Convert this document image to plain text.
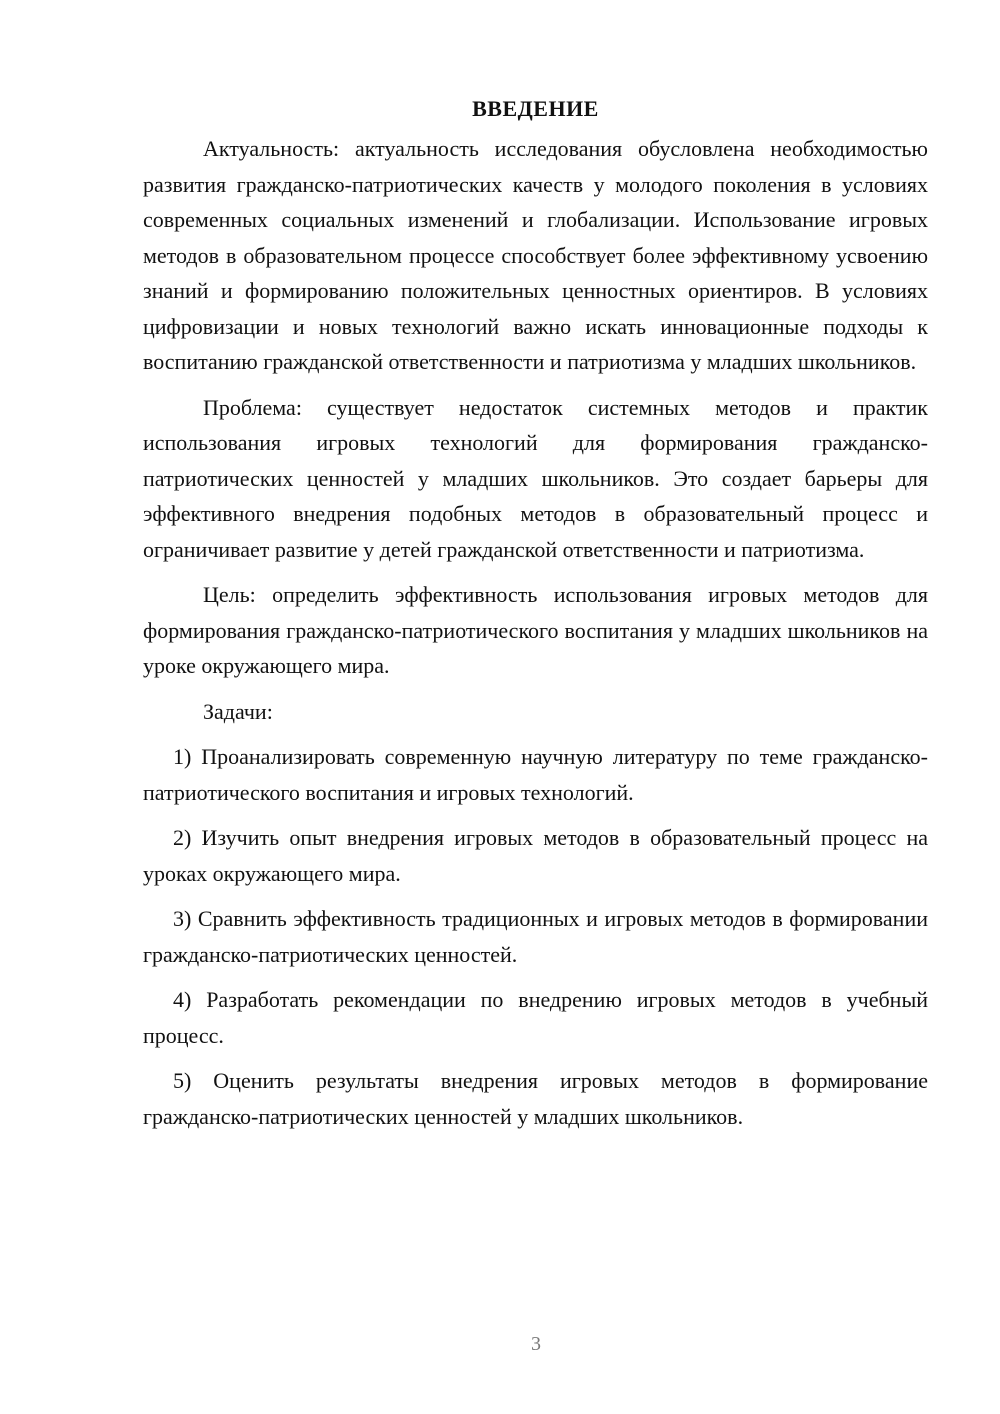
ВВЕДЕНИЕ

Актуальность: актуальность исследования обусловлена необходимостью развития гражданско-патриотических качеств у молодого поколения в условиях современных социальных изменений и глобализации. Использование игровых методов в образовательном процессе способствует более эффективному усвоению знаний и формированию положительных ценностных ориентиров. В условиях цифровизации и новых технологий важно искать инновационные подходы к воспитанию гражданской ответственности и патриотизма у младших школьников.

Проблема: существует недостаток системных методов и практик использования игровых технологий для формирования гражданско-патриотических ценностей у младших школьников. Это создает барьеры для эффективного внедрения подобных методов в образовательный процесс и ограничивает развитие у детей гражданской ответственности и патриотизма.

Цель: определить эффективность использования игровых методов для формирования гражданско-патриотического воспитания у младших школьников на уроке окружающего мира.

Задачи:

1) Проанализировать современную научную литературу по теме гражданско-патриотического воспитания и игровых технологий.

2) Изучить опыт внедрения игровых методов в образовательный процесс на уроках окружающего мира.

3) Сравнить эффективность традиционных и игровых методов в формировании гражданско-патриотических ценностей.

4) Разработать рекомендации по внедрению игровых методов в учебный процесс.

5) Оценить результаты внедрения игровых методов в формирование гражданско-патриотических ценностей у младших школьников.

3
